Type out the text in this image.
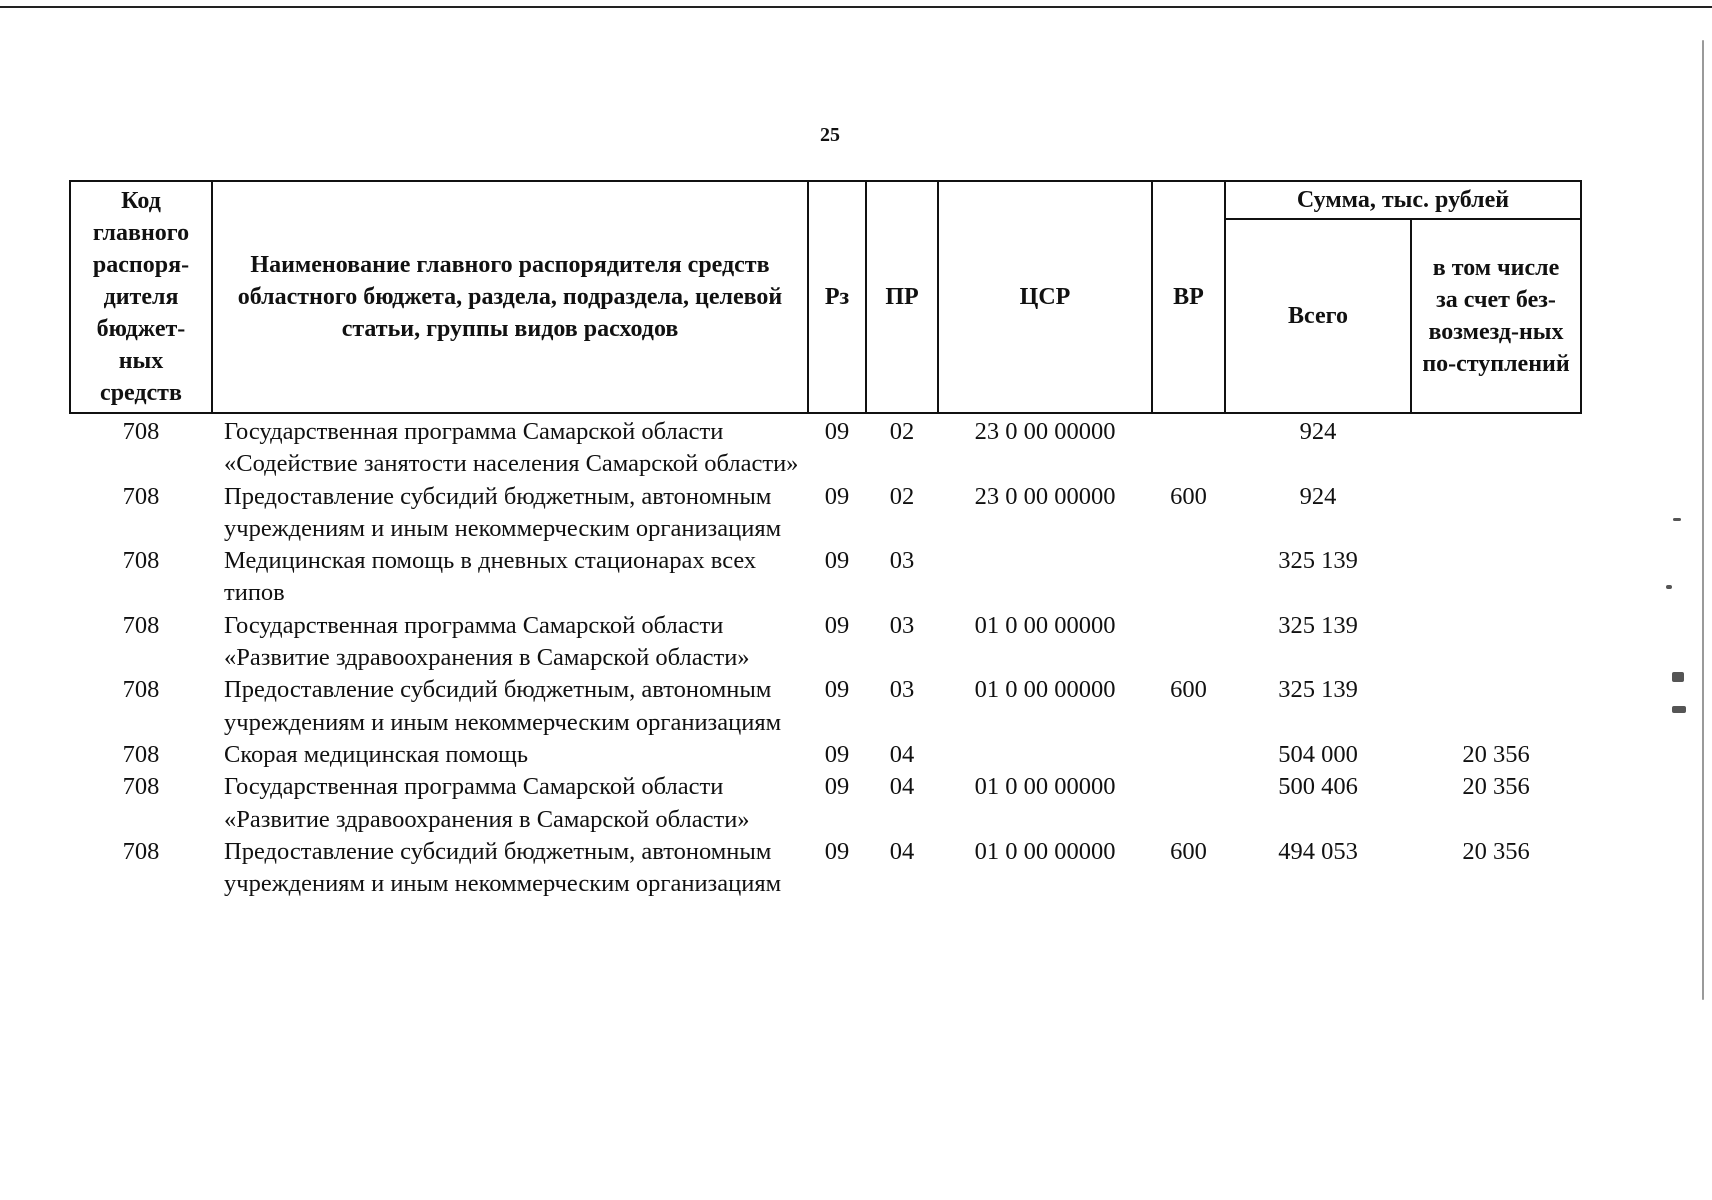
25
Код главного распоря-дителя бюджет-ных средств	Наименование главного распорядителя средств областного бюджета, раздела, подраздела, целевой статьи, группы видов расходов	Рз	ПР	ЦСР	ВР	Сумма, тыс. рублей	
						Всего	в том числе за счет без-возмезд-ных по-ступлений
708	Государственная программа Самарской области «Содействие занятости населения Самарской области»	09	02	23 0 00 00000		924	
708	Предоставление субсидий бюджетным, автономным учреждениям и иным некоммерческим организациям	09	02	23 0 00 00000	600	924	
708	Медицинская помощь в дневных стационарах всех типов	09	03			325 139	
708	Государственная программа Самарской области «Развитие здравоохранения в Самарской области»	09	03	01 0 00 00000		325 139	
708	Предоставление субсидий бюджетным, автономным учреждениям и иным некоммерческим организациям	09	03	01 0 00 00000	600	325 139	
708	Скорая медицинская помощь	09	04			504 000	20 356
708	Государственная программа Самарской области «Развитие здравоохранения в Самарской области»	09	04	01 0 00 00000		500 406	20 356
708	Предоставление субсидий бюджетным, автономным учреждениям и иным некоммерческим организациям	09	04	01 0 00 00000	600	494 053	20 356
